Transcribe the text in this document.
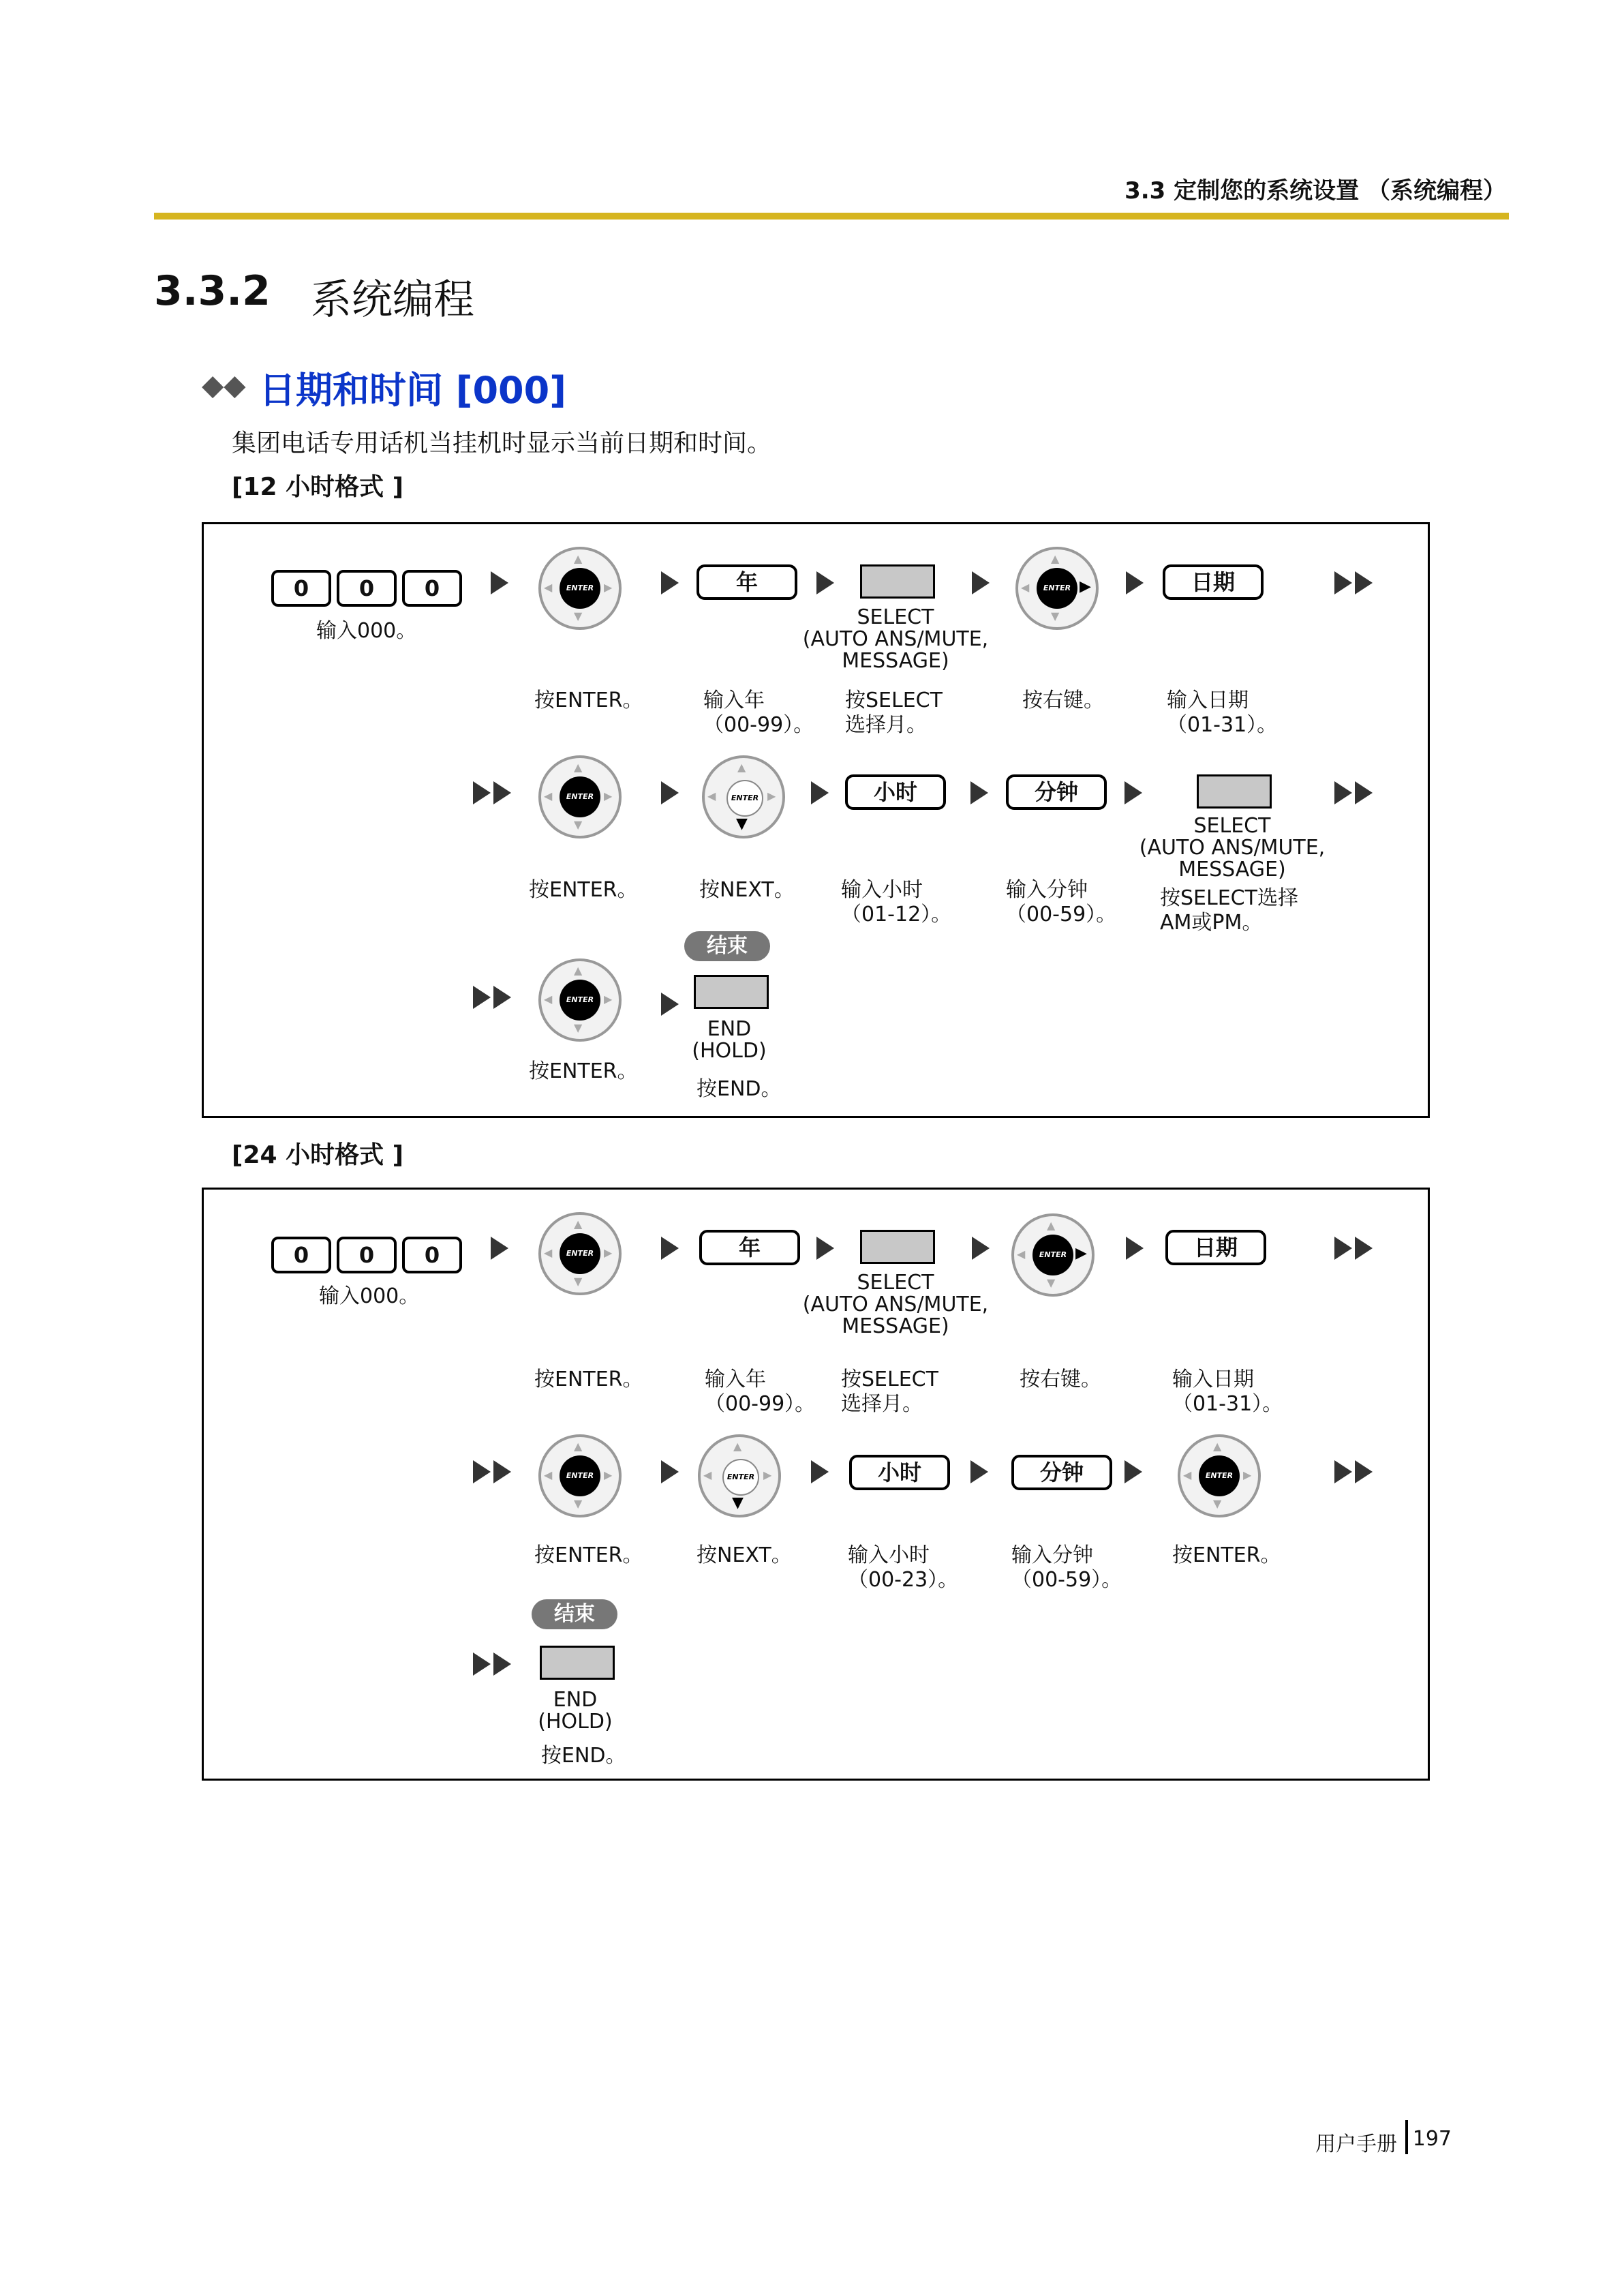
3.3 定制您的系统设置 （系统编程）
3.3.2 系统编程
◆◆ 日期和时间 [000]
集团电话专用话机当挂机时显示当前日期和时间。
[12 小时格式 ]
0	0	0
输入000。
ENTER
▲
▼
◀	▶
按ENTER。
年
输入年
（00-99）。
SELECT
(AUTO ANS/MUTE,
MESSAGE)
按SELECT
选择月。
ENTER
▲
▼
◀	▶
按右键。
日期
输入日期
（01-31）。
ENTER
▲
▼
◀	▶
按ENTER。
ENTER
▲
▼
◀	▶
按NEXT。
小时
输入小时
（01-12）。
分钟
输入分钟
（00-59）。
SELECT
(AUTO ANS/MUTE,
MESSAGE)
按SELECT选择
AM或PM。
ENTER
▲
▼
◀	▶
按ENTER。
结束
END
(HOLD)
按END。
[24 小时格式 ]
0	0	0
输入000。
ENTER
▲
▼
◀	▶
按ENTER。
年
输入年
（00-99）。
SELECT
(AUTO ANS/MUTE,
MESSAGE)
按SELECT
选择月。
ENTER
▲
▼
◀	▶
按右键。
日期
输入日期
（01-31）。
ENTER
▲
▼
◀	▶
按ENTER。
ENTER
▲
▼
◀	▶
按NEXT。
小时
输入小时
（00-23）。
分钟
输入分钟
（00-59）。
ENTER
▲
▼
◀	▶
按ENTER。
结束
END
(HOLD)
按END。
用户手册 197
